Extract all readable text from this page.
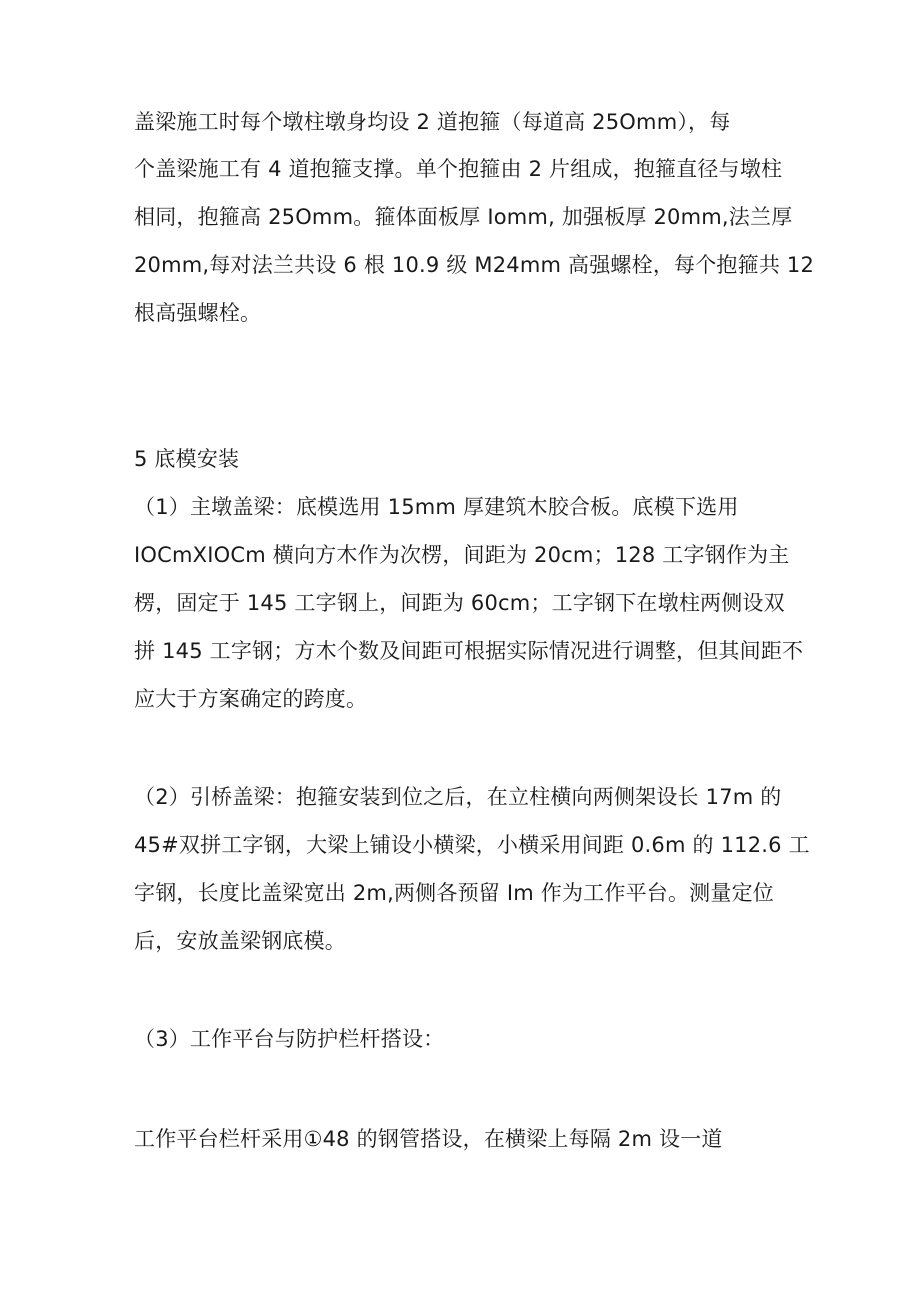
盖梁施工时每个墩柱墩身均设 2 道抱箍（每道高 25Omm），每
个盖梁施工有 4 道抱箍支撑。单个抱箍由 2 片组成，抱箍直径与墩柱
相同，抱箍高 25Omm。箍体面板厚 Iomm, 加强板厚 20mm,法兰厚
20mm,每对法兰共设 6 根 10.9 级 M24mm 高强螺栓，每个抱箍共 12
根高强螺栓。
5 底模安装
（1）主墩盖梁：底模选用 15mm 厚建筑木胶合板。底模下选用
IOCmXIOCm 横向方木作为次楞，间距为 20cm；128 工字钢作为主
楞，固定于 145 工字钢上，间距为 60cm；工字钢下在墩柱两侧设双
拼 145 工字钢；方木个数及间距可根据实际情况进行调整，但其间距不
应大于方案确定的跨度。
（2）引桥盖梁：抱箍安装到位之后，在立柱横向两侧架设长 17m 的
45#双拼工字钢，大梁上铺设小横梁，小横采用间距 0.6m 的 112.6 工
字钢，长度比盖梁宽出 2m,两侧各预留 Im 作为工作平台。测量定位
后，安放盖梁钢底模。
（3）工作平台与防护栏杆搭设：
工作平台栏杆采用①48 的钢管搭设，在横梁上每隔 2m 设一道
